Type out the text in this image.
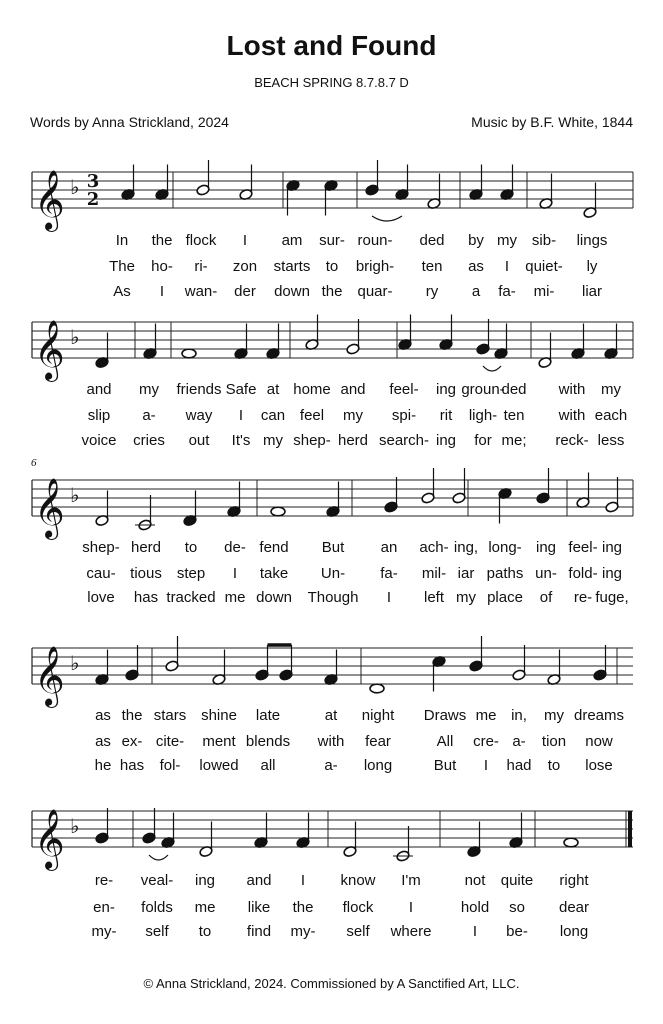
Lost and Found
BEACH SPRING 8.7.8.7 D
Words by Anna Strickland, 2024	Music by B.F. White, 1844
𝄞 ♭ 3
2
In the flock I am sur- roun- ded by my sib- lings
The ho- ri- zon starts to brigh- ten as I quiet- ly
As I wan- der down the quar- ry a fa- mi- liar
𝄞 ♭
and my friends Safe at home and feel- ing groun-
ded with my
slip a- way I can feel my spi- rit ligh- ten with each
voice cries out It's my shep- herd search- ing for me; reck- less
𝄞 ♭
6
shep- herd to de- fend But an ach- ing, long- ing feel- ing
cau- tious step I take Un- fa- mil- iar paths un- fold- ing
love has tracked me down Though I left my place of re- fuge,
𝄞 ♭
as the stars shine late	at night Draws me in, my dreams
as ex- cite- ment blends with fear	All cre- a- tion now
he has fol- lowed all	a- long	But I had to lose
𝄞 ♭
re- veal- ing and I know I'm	not quite right
en- folds me like the flock I	hold so dear
my- self to find my- self where	I be- long
© Anna Strickland, 2024. Commissioned by A Sanctified Art, LLC.
